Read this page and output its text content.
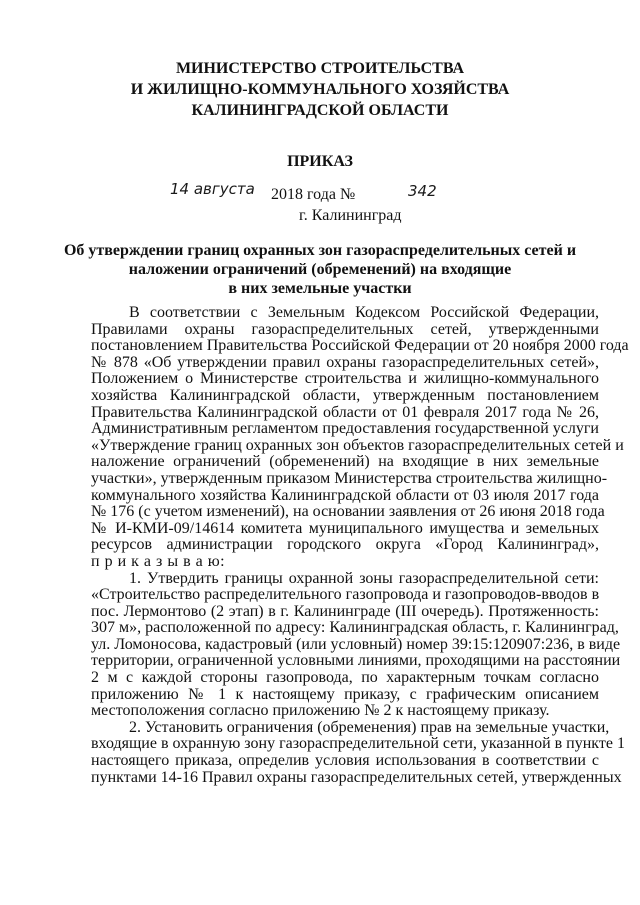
МИНИСТЕРСТВО СТРОИТЕЛЬСТВА
И ЖИЛИЩНО-КОММУНАЛЬНОГО ХОЗЯЙСТВА
КАЛИНИНГРАДСКОЙ ОБЛАСТИ
ПРИКАЗ
14 августа 2018 года №	342
г. Калининград
Об утверждении границ охранных зон газораспределительных сетей и
наложении ограничений (обременений) на входящие
в них земельные участки
В соответствии с Земельным Кодексом Российской Федерации,
Правилами охраны газораспределительных сетей, утвержденными
постановлением Правительства Российской Федерации от 20 ноября 2000 года
№ 878 «Об утверждении правил охраны газораспределительных сетей»,
Положением о Министерстве строительства и жилищно-коммунального
хозяйства Калининградской области, утвержденным постановлением
Правительства Калининградской области от 01 февраля 2017 года № 26,
Административным регламентом предоставления государственной услуги
«Утверждение границ охранных зон объектов газораспределительных сетей и
наложение ограничений (обременений) на входящие в них земельные
участки», утвержденным приказом Министерства строительства жилищно-
коммунального хозяйства Калининградской области от 03 июля 2017 года
№ 176 (с учетом изменений), на основании заявления от 26 июня 2018 года
№ И-КМИ-09/14614 комитета муниципального имущества и земельных
ресурсов администрации городского округа «Город Калининград»,
п р и к а з ы в а ю:
1. Утвердить границы охранной зоны газораспределительной сети:
«Строительство распределительного газопровода и газопроводов-вводов в
пос. Лермонтово (2 этап) в г. Калининграде (III очередь). Протяженность:
307 м», расположенной по адресу: Калининградская область, г. Калининград,
ул. Ломоносова, кадастровый (или условный) номер 39:15:120907:236, в виде
территории, ограниченной условными линиями, проходящими на расстоянии
2 м с каждой стороны газопровода, по характерным точкам согласно
приложению № 1 к настоящему приказу, с графическим описанием
местоположения согласно приложению № 2 к настоящему приказу.
2. Установить ограничения (обременения) прав на земельные участки,
входящие в охранную зону газораспределительной сети, указанной в пункте 1
настоящего приказа, определив условия использования в соответствии с
пунктами 14-16 Правил охраны газораспределительных сетей, утвержденных
